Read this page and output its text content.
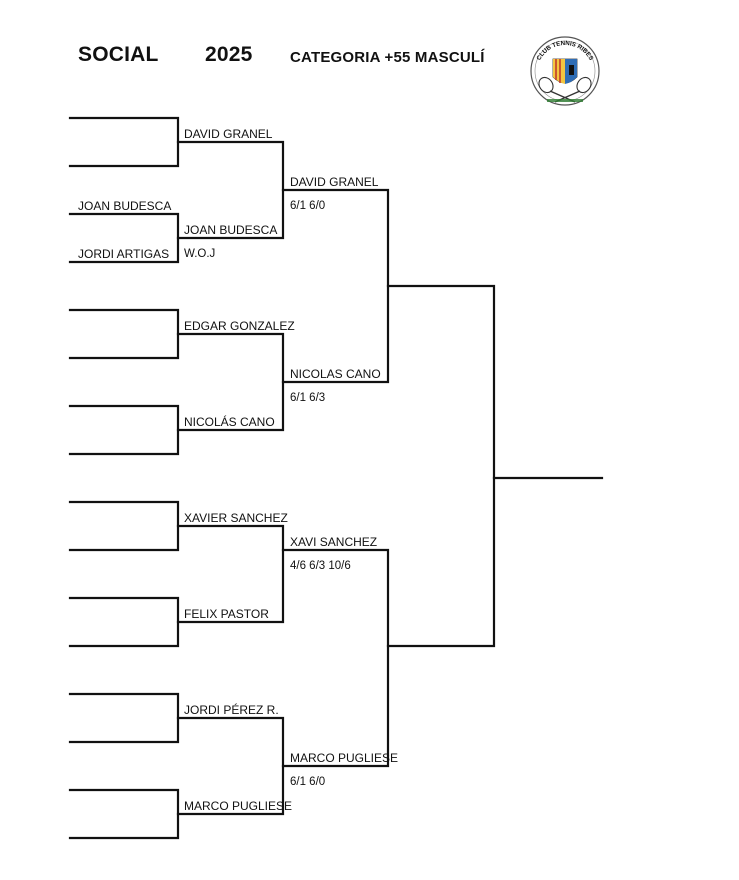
SOCIAL 2025 CATEGORIA +55 MASCULÍ	CLUB TENNIS RIBES
JOAN BUDESCA
JORDI ARTIGAS
DAVID GRANEL
JOAN BUDESCA
W.O.J
EDGAR GONZALEZ
NICOLÁS CANO
XAVIER SANCHEZ
FELIX PASTOR
JORDI PÉREZ R.
MARCO PUGLIESE
DAVID GRANEL
6/1 6/0
NICOLAS CANO
6/1 6/3
XAVI SANCHEZ
4/6 6/3 10/6
MARCO PUGLIESE
6/1 6/0
